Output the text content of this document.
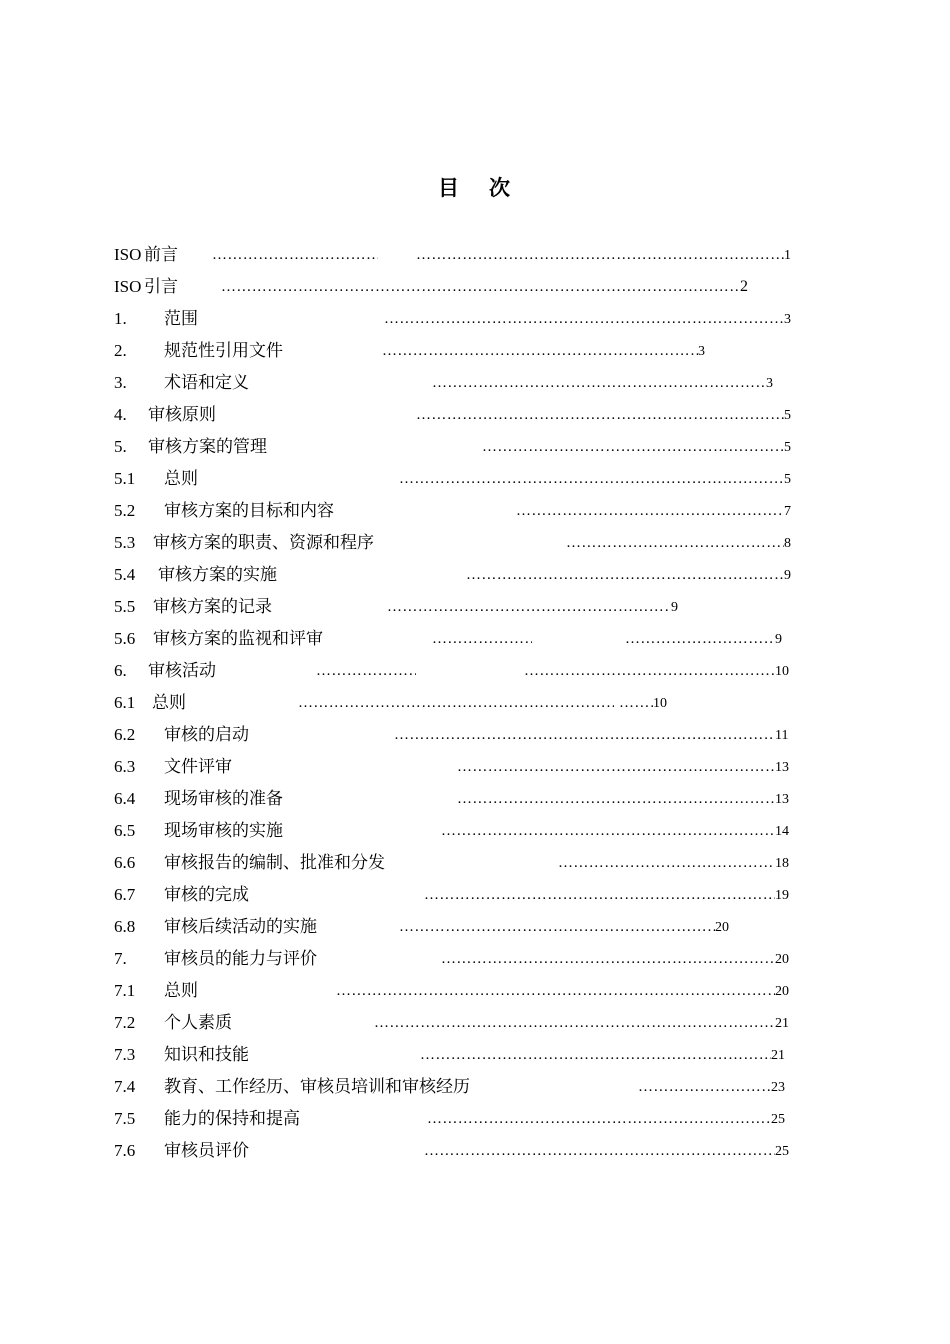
目 次
ISO 前言 …………………………………………………………………………………………………………………………………… ……………………………………………………………………………………………………………………………………	1
ISO 引言 ……………………………………………………………………………………………………………………………………	2
1. 范围 ……………………………………………………………………………………………………………………………………	3
2. 规范性引用文件 ……………………………………………………………………………………………………………………………………	3
3. 术语和定义 ……………………………………………………………………………………………………………………………………	3
4. 审核原则 ……………………………………………………………………………………………………………………………………	5
5. 审核方案的管理 ……………………………………………………………………………………………………………………………………	5
5.1 总则 ……………………………………………………………………………………………………………………………………	5
5.2 审核方案的目标和内容 ……………………………………………………………………………………………………………………………………	7
5.3 审核方案的职责、资源和程序 ……………………………………………………………………………………………………………………………………	8
5.4 审核方案的实施 ……………………………………………………………………………………………………………………………………	9
5.5 审核方案的记录 ……………………………………………………………………………………………………………………………………	9
5.6 审核方案的监视和评审 …………………………………………………………………………………………………………………………………… ……………………………………………………………………………………………………………………………………	9
6. 审核活动 …………………………………………………………………………………………………………………………………… ……………………………………………………………………………………………………………………………………	10
6.1 总则 …………………………………………………………………………………………………………………………………… ……………………………………………………………………………………………………………………………………	10
6.2 审核的启动 ……………………………………………………………………………………………………………………………………	11
6.3 文件评审 ……………………………………………………………………………………………………………………………………	13
6.4 现场审核的准备 ……………………………………………………………………………………………………………………………………	13
6.5 现场审核的实施 ……………………………………………………………………………………………………………………………………	14
6.6 审核报告的编制、批准和分发 ……………………………………………………………………………………………………………………………………	18
6.7 审核的完成 ……………………………………………………………………………………………………………………………………	19
6.8 审核后续活动的实施 ……………………………………………………………………………………………………………………………………	20
7. 审核员的能力与评价 ……………………………………………………………………………………………………………………………………	20
7.1 总则 ……………………………………………………………………………………………………………………………………	20
7.2 个人素质 ……………………………………………………………………………………………………………………………………	21
7.3 知识和技能 ……………………………………………………………………………………………………………………………………	21
7.4 教育、工作经历、审核员培训和审核经历 ……………………………………………………………………………………………………………………………………	23
7.5 能力的保持和提高 ……………………………………………………………………………………………………………………………………	25
7.6 审核员评价 ……………………………………………………………………………………………………………………………………	25
